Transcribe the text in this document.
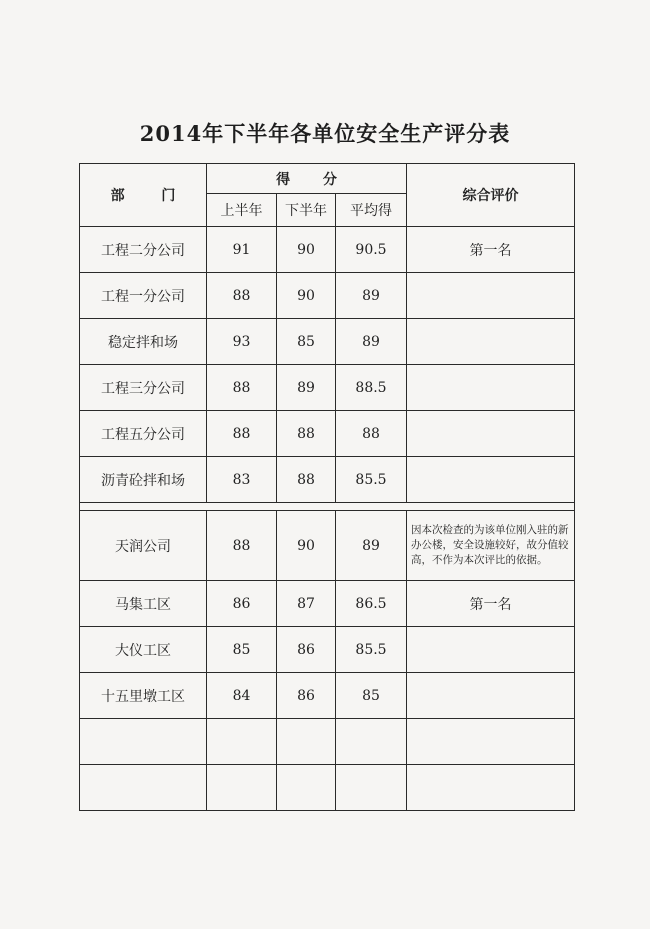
2014年下半年各单位安全生产评分表
部 门	得 分			综合评价
	上半年	下半年	平均得	
工程二分公司	91	90	90.5	第一名
工程一分公司	88	90	89	
稳定拌和场	93	85	89	
工程三分公司	88	89	88.5	
工程五分公司	88	88	88	
沥青砼拌和场	83	88	85.5	

天润公司	88	90	89	因本次检查的为该单位刚入驻的新办公楼，安全设施较好，故分值较高，不作为本次评比的依据。
马集工区	86	87	86.5	第一名
大仪工区	85	86	85.5	
十五里墩工区	84	86	85	
